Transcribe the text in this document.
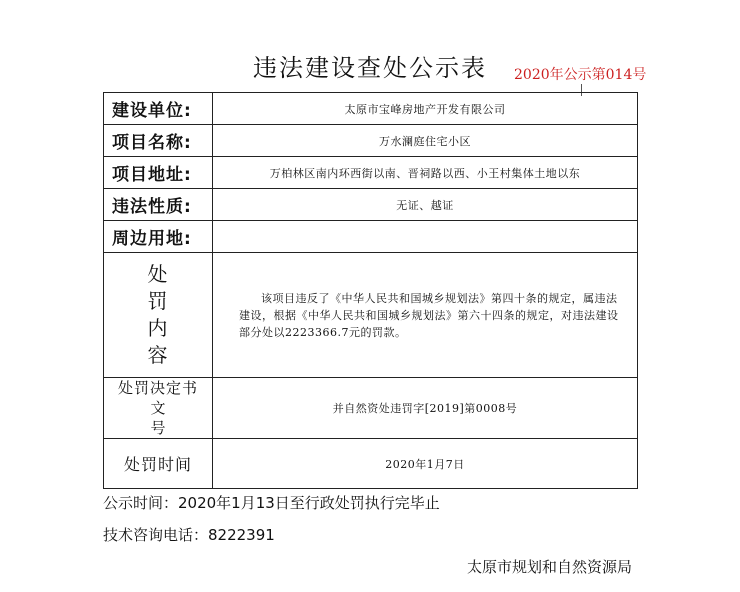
违法建设查处公示表	2020年公示第014号
建设单位:	太原市宝峰房地产开发有限公司
项目名称:	万水澜庭住宅小区
项目地址:	万柏林区南内环西街以南、晋祠路以西、小王村集体土地以东
违法性质:	无证、越证
周边用地:	

处
罚
内
容	该项目违反了《中华人民共和国城乡规划法》第四十条的规定，属违法建设，根据《中华人民共和国城乡规划法》第六十四条的规定，对违法建设部分处以2223366.7元的罚款。

处罚决定书
文号	并自然资处违罚字[2019]第0008号
处罚时间	2020年1月7日
公示时间：2020年1月13日至行政处罚执行完毕止
技术咨询电话：8222391
太原市规划和自然资源局
